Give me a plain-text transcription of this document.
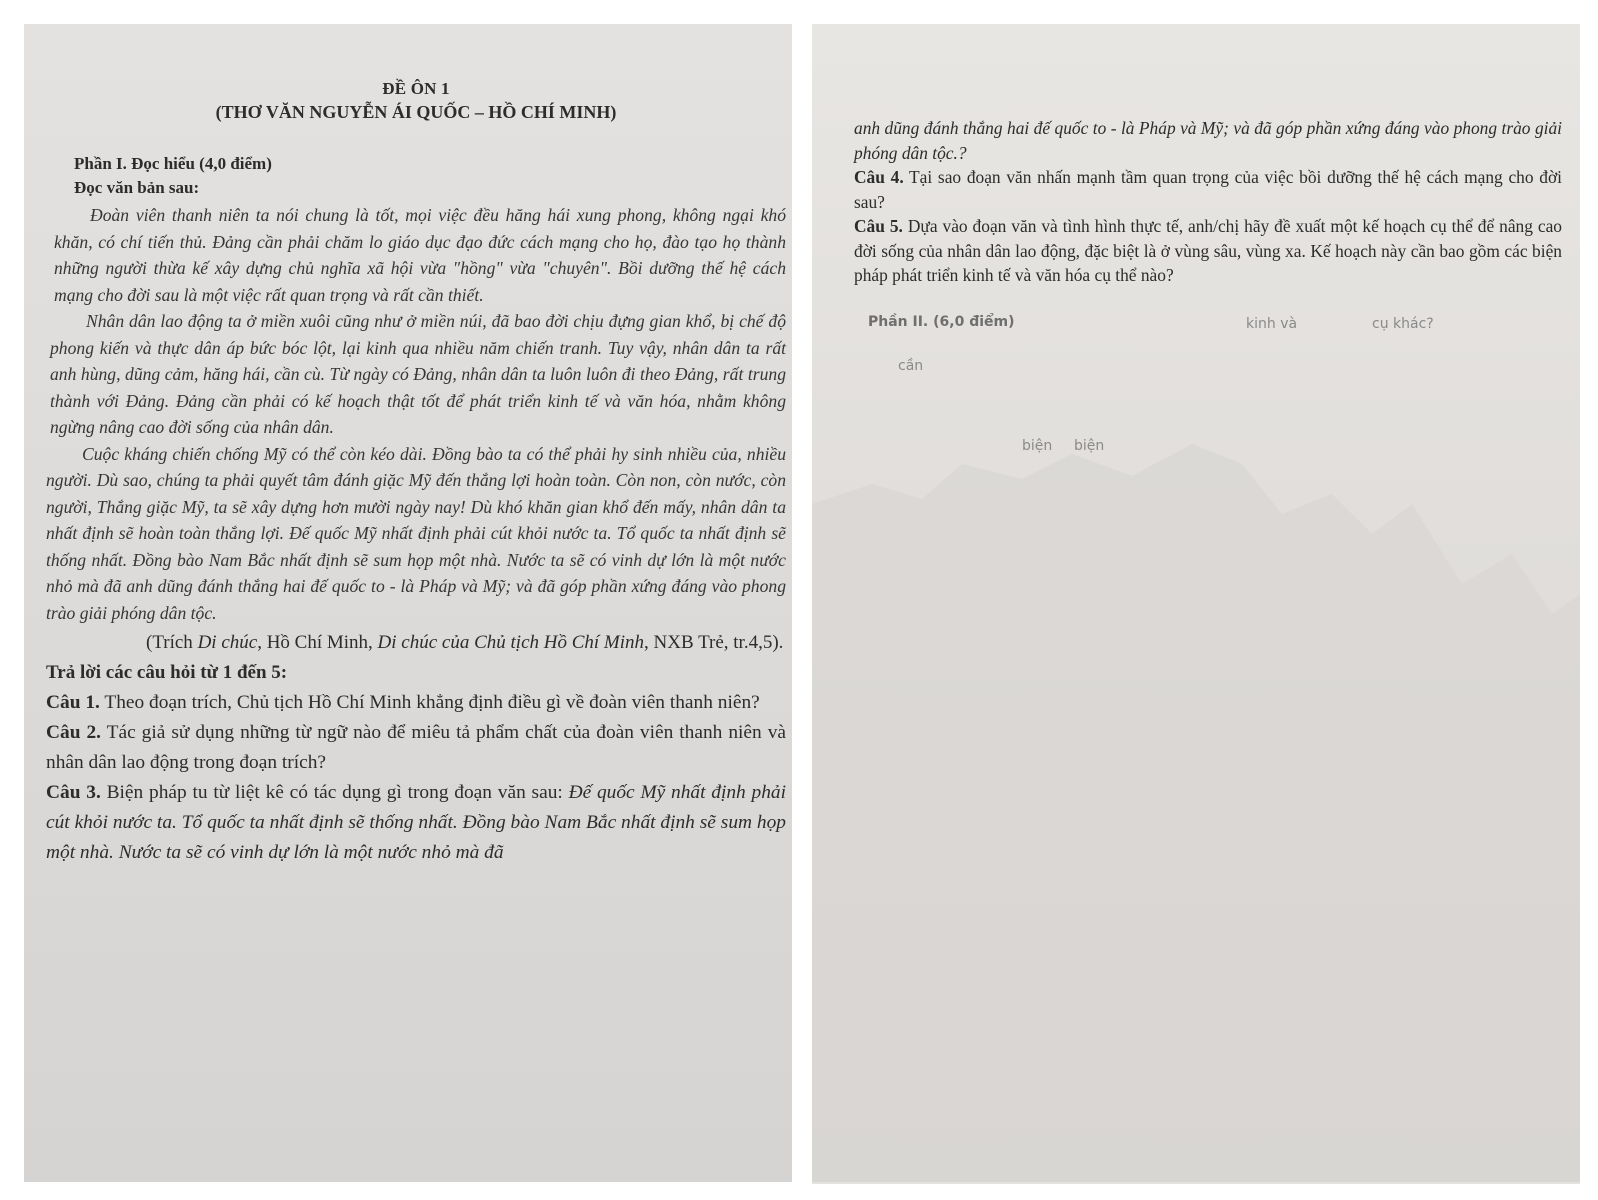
ĐỀ ÔN 1
(THƠ VĂN NGUYỄN ÁI QUỐC – HỒ CHÍ MINH)
Phần I. Đọc hiểu (4,0 điểm)
Đọc văn bản sau:

Đoàn viên thanh niên ta nói chung là tốt, mọi việc đều hăng hái xung phong, không ngại khó khăn, có chí tiến thủ. Đảng cần phải chăm lo giáo dục đạo đức cách mạng cho họ, đào tạo họ thành những người thừa kế xây dựng chủ nghĩa xã hội vừa "hồng" vừa "chuyên". Bồi dưỡng thế hệ cách mạng cho đời sau là một việc rất quan trọng và rất cần thiết.

Nhân dân lao động ta ở miền xuôi cũng như ở miền núi, đã bao đời chịu đựng gian khổ, bị chế độ phong kiến và thực dân áp bức bóc lột, lại kinh qua nhiều năm chiến tranh. Tuy vậy, nhân dân ta rất anh hùng, dũng cảm, hăng hái, cần cù. Từ ngày có Đảng, nhân dân ta luôn luôn đi theo Đảng, rất trung thành với Đảng. Đảng cần phải có kế hoạch thật tốt để phát triển kinh tế và văn hóa, nhằm không ngừng nâng cao đời sống của nhân dân.

Cuộc kháng chiến chống Mỹ có thể còn kéo dài. Đồng bào ta có thể phải hy sinh nhiều của, nhiều người. Dù sao, chúng ta phải quyết tâm đánh giặc Mỹ đến thắng lợi hoàn toàn. Còn non, còn nước, còn người, Thắng giặc Mỹ, ta sẽ xây dựng hơn mười ngày nay! Dù khó khăn gian khổ đến mấy, nhân dân ta nhất định sẽ hoàn toàn thắng lợi. Đế quốc Mỹ nhất định phải cút khỏi nước ta. Tổ quốc ta nhất định sẽ thống nhất. Đồng bào Nam Bắc nhất định sẽ sum họp một nhà. Nước ta sẽ có vinh dự lớn là một nước nhỏ mà đã anh dũng đánh thắng hai đế quốc to - là Pháp và Mỹ; và đã góp phần xứng đáng vào phong trào giải phóng dân tộc.

(Trích Di chúc, Hồ Chí Minh, Di chúc của Chủ tịch Hồ Chí Minh, NXB Trẻ, tr.4,5).
Trả lời các câu hỏi từ 1 đến 5:

Câu 1. Theo đoạn trích, Chủ tịch Hồ Chí Minh khẳng định điều gì về đoàn viên thanh niên?

Câu 2. Tác giả sử dụng những từ ngữ nào để miêu tả phẩm chất của đoàn viên thanh niên và nhân dân lao động trong đoạn trích?

Câu 3. Biện pháp tu từ liệt kê có tác dụng gì trong đoạn văn sau: Đế quốc Mỹ nhất định phải cút khỏi nước ta. Tổ quốc ta nhất định sẽ thống nhất. Đồng bào Nam Bắc nhất định sẽ sum họp một nhà. Nước ta sẽ có vinh dự lớn là một nước nhỏ mà đã

anh dũng đánh thắng hai đế quốc to - là Pháp và Mỹ; và đã góp phần xứng đáng vào phong trào giải phóng dân tộc.?

Câu 4. Tại sao đoạn văn nhấn mạnh tầm quan trọng của việc bồi dưỡng thế hệ cách mạng cho đời sau?

Câu 5. Dựa vào đoạn văn và tình hình thực tế, anh/chị hãy đề xuất một kế hoạch cụ thể để nâng cao đời sống của nhân dân lao động, đặc biệt là ở vùng sâu, vùng xa. Kế hoạch này cần bao gồm các biện pháp phát triển kinh tế và văn hóa cụ thể nào?

Phần II. (6,0 điểm)	kinh và	cụ khác?
cần
biện biện
